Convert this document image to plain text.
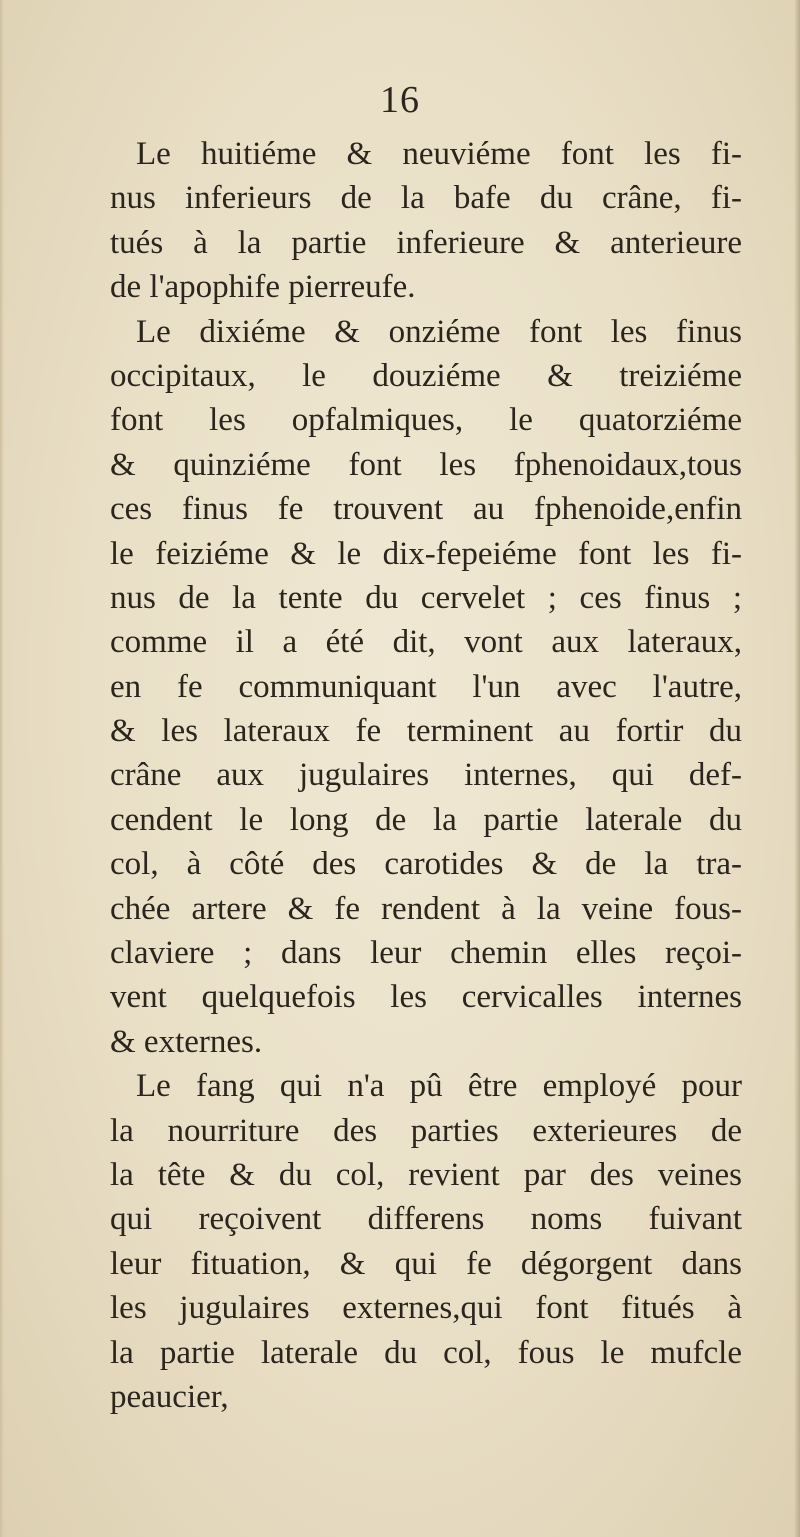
16
Le huitiéme & neuviéme font les fi-
nus inferieurs de la bafe du crâne, fi-
tués à la partie inferieure & anterieure
de l'apophife pierreufe.
Le dixiéme & onziéme font les finus
occipitaux, le douziéme & treiziéme
font les opfalmiques, le quatorziéme
& quinziéme font les fphenoidaux,tous
ces finus fe trouvent au fphenoide,enfin
le feiziéme & le dix-fepeiéme font les fi-
nus de la tente du cervelet ; ces finus ;
comme il a été dit, vont aux lateraux,
en fe communiquant l'un avec l'autre,
& les lateraux fe terminent au fortir du
crâne aux jugulaires internes, qui def-
cendent le long de la partie laterale du
col, à côté des carotides & de la tra-
chée artere & fe rendent à la veine fous-
claviere ; dans leur chemin elles reçoi-
vent quelquefois les cervicalles internes
& externes.
Le fang qui n'a pû être employé pour
la nourriture des parties exterieures de
la tête & du col, revient par des veines
qui reçoivent differens noms fuivant
leur fituation, & qui fe dégorgent dans
les jugulaires externes,qui font fitués à
la partie laterale du col, fous le mufcle
peaucier,
